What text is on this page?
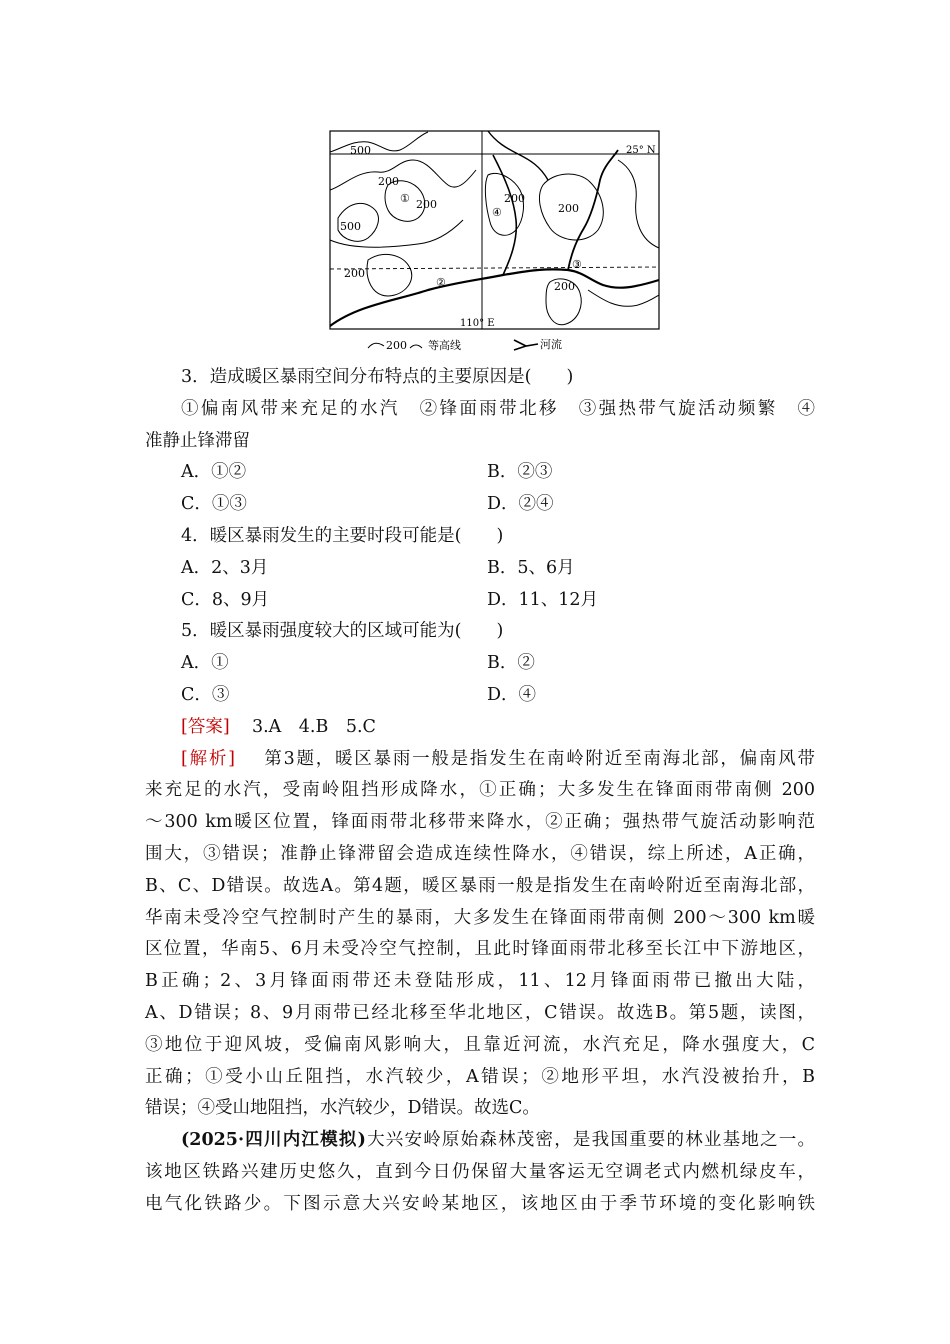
500
200
① 200
④
200
200
500
200
②	200
③
25° N
110° E
200 等高线	河流
3．造成暖区暴雨空间分布特点的主要原因是(　　)
①偏南风带来充足的水汽　②锋面雨带北移　③强热带气旋活动频繁　④
准静止锋滞留
A．①②	B．②③
C．①③	D．②④
4．暖区暴雨发生的主要时段可能是(　　)
A．2、3月	B．5、6月
C．8、9月	D．11、12月
5．暖区暴雨强度较大的区域可能为(　　)
A．①	B．②
C．③	D．④
[答案] 3.A　4.B　5.C
[解析] 第3题，暖区暴雨一般是指发生在南岭附近至南海北部，偏南风带
来充足的水汽，受南岭阻挡形成降水，①正确；大多发生在锋面雨带南侧 200
～300 km暖区位置，锋面雨带北移带来降水，②正确；强热带气旋活动影响范
围大，③错误；准静止锋滞留会造成连续性降水，④错误，综上所述，A正确，
B、C、D错误。故选A。第4题，暖区暴雨一般是指发生在南岭附近至南海北部，
华南未受冷空气控制时产生的暴雨，大多发生在锋面雨带南侧 200～300 km暖
区位置，华南5、6月未受冷空气控制，且此时锋面雨带北移至长江中下游地区，
B正确；2、3月锋面雨带还未登陆形成，11、12月锋面雨带已撤出大陆，
A、D错误；8、9月雨带已经北移至华北地区，C错误。故选B。第5题，读图，
③地位于迎风坡，受偏南风影响大，且靠近河流，水汽充足，降水强度大，C
正确；①受小山丘阻挡，水汽较少，A错误；②地形平坦，水汽没被抬升，B
错误；④受山地阻挡，水汽较少，D错误。故选C。
(2025·四川内江模拟)大兴安岭原始森林茂密，是我国重要的林业基地之一。
该地区铁路兴建历史悠久，直到今日仍保留大量客运无空调老式内燃机绿皮车，
电气化铁路少。下图示意大兴安岭某地区，该地区由于季节环境的变化影响铁
